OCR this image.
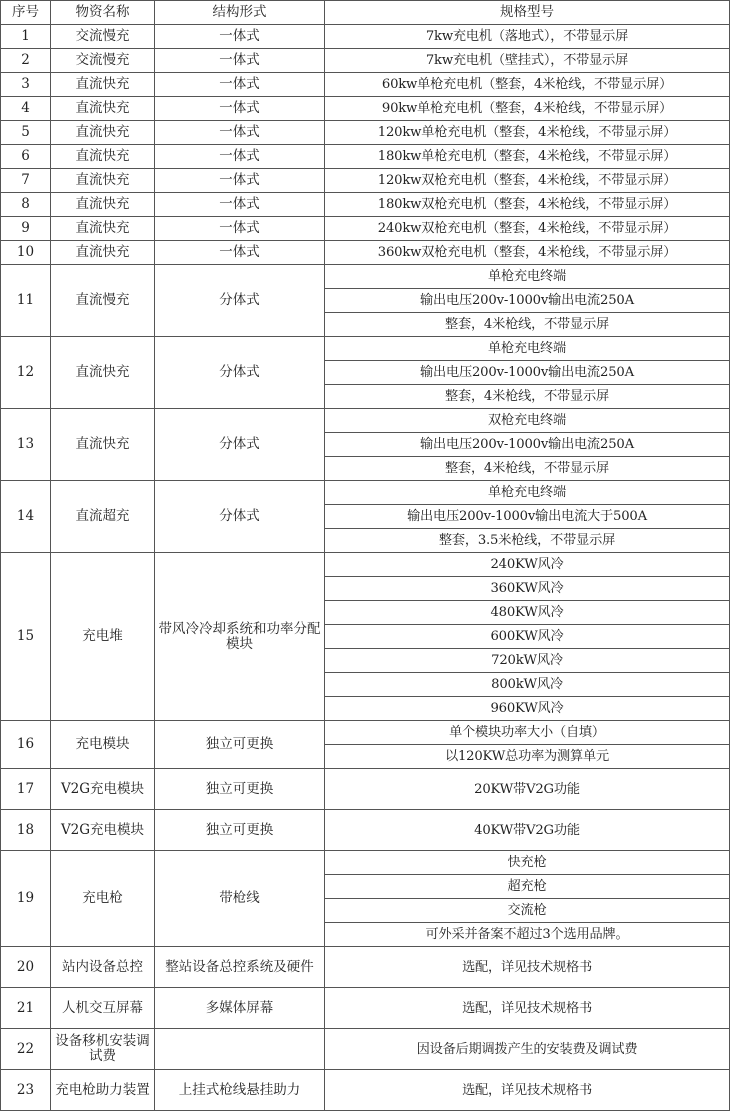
序号	物资名称	结构形式	规格型号
1	交流慢充	一体式	7kw充电机（落地式），不带显示屏
2	交流慢充	一体式	7kw充电机（壁挂式），不带显示屏
3	直流快充	一体式	60kw单枪充电机（整套，4米枪线，不带显示屏）
4	直流快充	一体式	90kw单枪充电机（整套，4米枪线，不带显示屏）
5	直流快充	一体式	120kw单枪充电机（整套，4米枪线，不带显示屏）
6	直流快充	一体式	180kw单枪充电机（整套，4米枪线，不带显示屏）
7	直流快充	一体式	120kw双枪充电机（整套，4米枪线，不带显示屏）
8	直流快充	一体式	180kw双枪充电机（整套，4米枪线，不带显示屏）
9	直流快充	一体式	240kw双枪充电机（整套，4米枪线，不带显示屏）
10	直流快充	一体式	360kw双枪充电机（整套，4米枪线，不带显示屏）
11	直流慢充	分体式	单枪充电终端
			输出电压200v-1000v输出电流250A
			整套，4米枪线，不带显示屏
12	直流快充	分体式	单枪充电终端
			输出电压200v-1000v输出电流250A
			整套，4米枪线，不带显示屏
13	直流快充	分体式	双枪充电终端
			输出电压200v-1000v输出电流250A
			整套，4米枪线，不带显示屏
14	直流超充	分体式	单枪充电终端
			输出电压200v-1000v输出电流大于500A
			整套，3.5米枪线，不带显示屏
15	充电堆	带风冷冷却系统和功率分配模块	240KW风冷
			360KW风冷
			480KW风冷
			600KW风冷
			720kW风冷
			800kW风冷
			960KW风冷
16	充电模块	独立可更换	单个模块功率大小（自填）
			以120KW总功率为测算单元
17	V2G充电模块	独立可更换	20KW带V2G功能
18	V2G充电模块	独立可更换	40KW带V2G功能
19	充电枪	带枪线	快充枪
			超充枪
			交流枪
			可外采并备案不超过3个选用品牌。
20	站内设备总控	整站设备总控系统及硬件	选配，详见技术规格书
21	人机交互屏幕	多媒体屏幕	选配，详见技术规格书
22	设备移机安装调试费		因设备后期调拨产生的安装费及调试费
23	充电枪助力装置	上挂式枪线悬挂助力	选配，详见技术规格书
